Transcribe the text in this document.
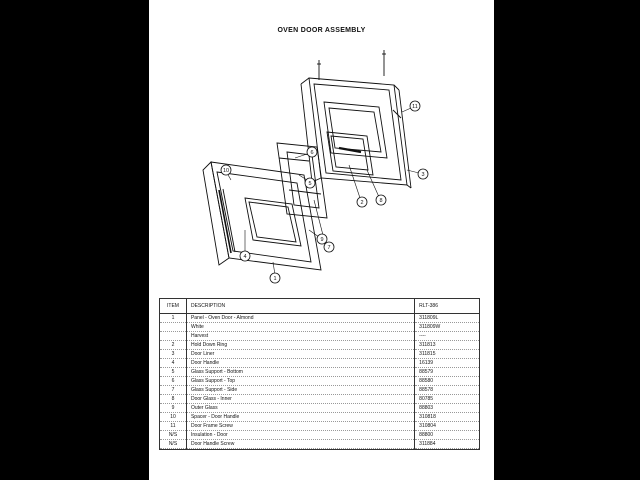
OVEN DOOR ASSEMBLY
11
3
2	8
6
5
7
9
10
4
1
ITEM	DESCRIPTION	RLT-386
1	Panel - Oven Door - Almond	311809L
	White	311809W
	Harvest	----
2	Hold Down Ring	311813
3	Door Liner	311815
4	Door Handle	16139
5	Glass Support - Bottom	88579
6	Glass Support - Top	88580
7	Glass Support - Side	88578
8	Door Glass - Inner	80785
9	Outer Glass	88803
10	Spacer - Door Handle	310818
11	Door Frame Screw	310804
N/S	Insulation - Door	88800
N/S	Door Handle Screw	311884
